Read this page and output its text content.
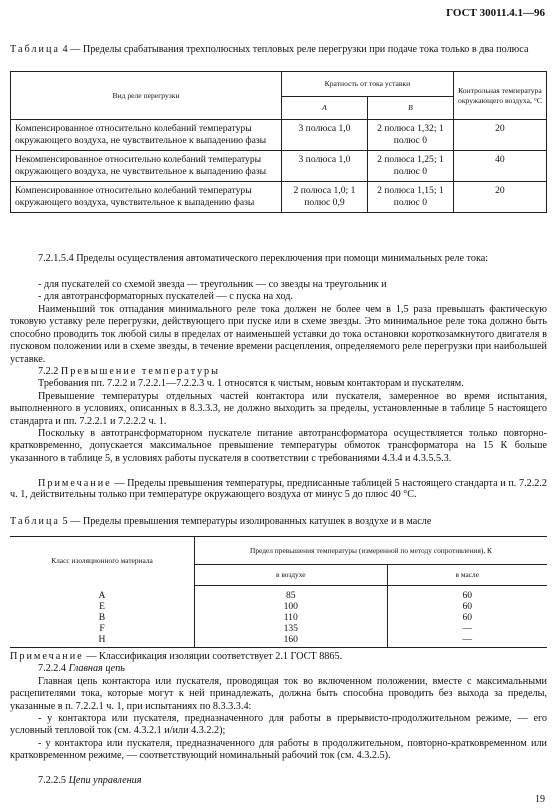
ГОСТ 30011.4.1—96
Таблица 4 — Пределы срабатывания трехполюсных тепловых реле перегрузки при подаче тока только в два полюса
Вид реле перегрузки	Кратность от тока уставки		Контрольная температура окружающего воздуха, °С
	A	B	
Компенсированное относительно колебаний температуры окружающего воздуха, не чувствительное к выпадению фазы	3 полюса 1,0	2 полюса 1,32; 1 полюс 0	20
Некомпенсированное относительно колебаний температуры окружающего воздуха, не чувствительное к выпадению фазы	3 полюса 1,0	2 полюса 1,25; 1 полюс 0	40
Компенсированное относительно колебаний температуры окружающего воздуха, чувствительное к выпадению фазы	2 полюса 1,0; 1 полюс 0,9	2 полюса 1,15; 1 полюс 0	20
7.2.1.5.4 Пределы осуществления автоматического переключения при помощи минимальных реле тока:
- для пускателей со схемой звезда — треугольник — со звезды на треугольник и
- для автотрансформаторных пускателей — с пуска на ход.
Наименьший ток отпадания минимального реле тока должен не более чем в 1,5 раза превышать фактическую токовую уставку реле перегрузки, действующего при пуске или в схеме звезды. Это минимальное реле тока должно быть способно проводить ток любой силы в пределах от наименьшей уставки до тока остановки короткозамкнутого двигателя в пусковом положении или в схеме звезды, в течение времени расцепления, определяемого реле перегрузки при наибольшей уставке.
7.2.2 Превышение температуры
Требования пп. 7.2.2 и 7.2.2.1—7.2.2.3 ч. 1 относятся к чистым, новым контакторам и пускателям.
Превышение температуры отдельных частей контактора или пускателя, замеренное во время испытания, выполненного в условиях, описанных в 8.3.3.3, не должно выходить за пределы, установленные в таблице 5 настоящего стандарта и пп. 7.2.2.1 и 7.2.2.2 ч. 1.
Поскольку в автотрансформаторном пускателе питание автотрансформатора осуществляется только повторно-кратковременно, допускается максимальное превышение температуры обмоток трансформатора на 15 К больше указанного в таблице 5, в условиях работы пускателя в соответствии с требованиями 4.3.4 и 4.3.5.5.3.
Примечание — Пределы превышения температуры, предписанные таблицей 5 настоящего стандарта и п. 7.2.2.2 ч. 1, действительны только при температуре окружающего воздуха от минус 5 до плюс 40 °С.
Таблица 5 — Пределы превышения температуры изолированных катушек в воздухе и в масле
Класс изоляционного материала	Предел превышения температуры (измеренной по методу сопротивления), К	
	в воздухе	в масле
A	85	60
E	100	60
B	110	60
F	135	—
H	160	—
Примечание — Классификация изоляции соответствует 2.1 ГОСТ 8865.
7.2.2.4 Главная цепь
Главная цепь контактора или пускателя, проводящая ток во включенном положении, вместе с максимальными расцепителями тока, которые могут к ней принадлежать, должна быть способна проводить без выхода за пределы, указанные в п. 7.2.2.1 ч. 1, при испытаниях по 8.3.3.3.4:
- у контактора или пускателя, предназначенного для работы в прерывисто-продолжительном режиме, — его условный тепловой ток (см. 4.3.2.1 и/или 4.3.2.2);
- у контактора или пускателя, предназначенного для работы в продолжительном, повторно-кратковременном или кратковременном режиме, — соответствующий номинальный рабочий ток (см. 4.3.2.5).
7.2.2.5 Цепи управления
19
